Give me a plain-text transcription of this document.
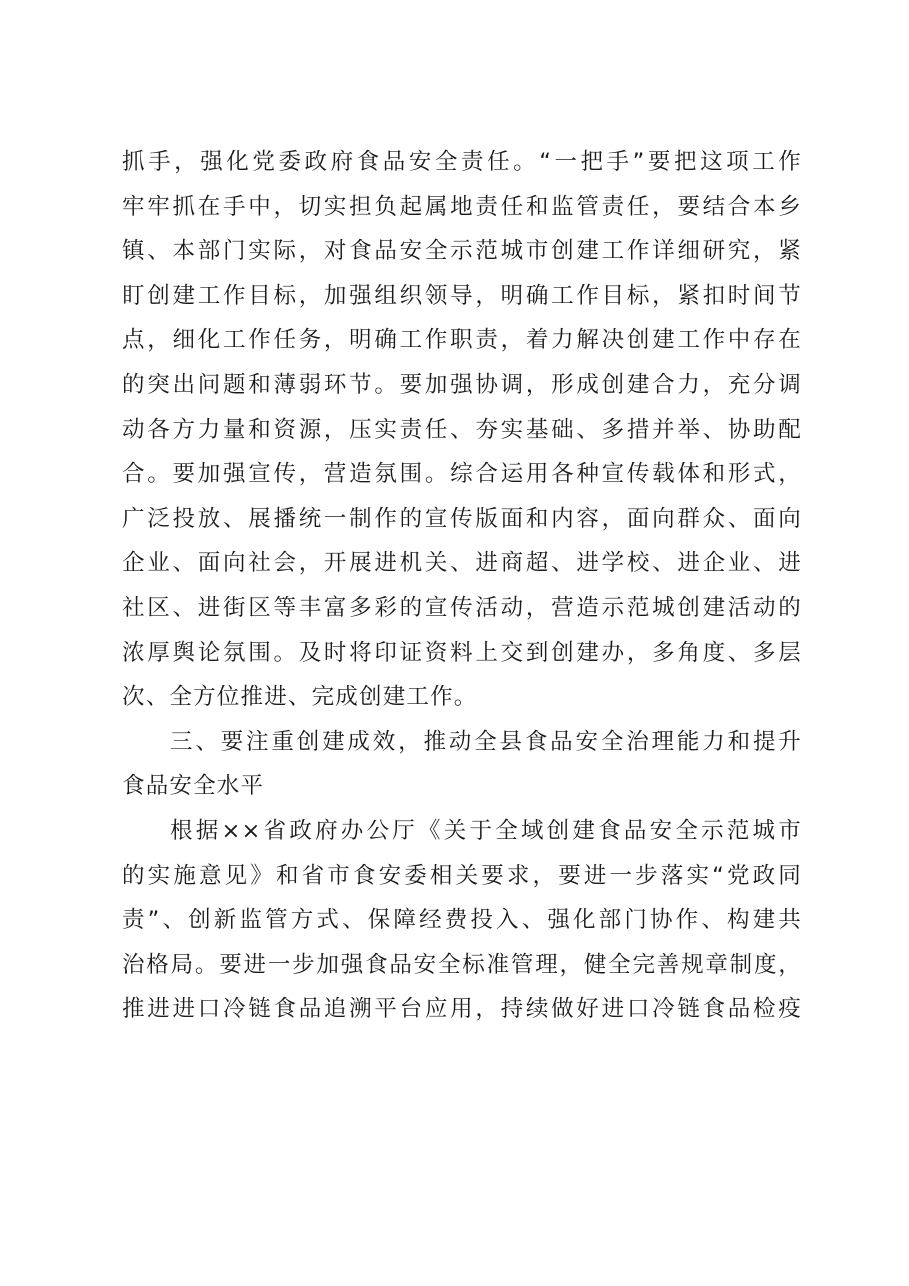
抓手，强化党委政府食品安全责任。“一把手”要把这项工作
牢牢抓在手中，切实担负起属地责任和监管责任，要结合本乡
镇、本部门实际，对食品安全示范城市创建工作详细研究，紧
盯创建工作目标，加强组织领导，明确工作目标，紧扣时间节
点，细化工作任务，明确工作职责，着力解决创建工作中存在
的突出问题和薄弱环节。要加强协调，形成创建合力，充分调
动各方力量和资源，压实责任、夯实基础、多措并举、协助配
合。要加强宣传，营造氛围。综合运用各种宣传载体和形式，
广泛投放、展播统一制作的宣传版面和内容，面向群众、面向
企业、面向社会，开展进机关、进商超、进学校、进企业、进
社区、进街区等丰富多彩的宣传活动，营造示范城创建活动的
浓厚舆论氛围。及时将印证资料上交到创建办，多角度、多层
次、全方位推进、完成创建工作。
三、要注重创建成效，推动全县食品安全治理能力和提升
食品安全水平
根据××省政府办公厅《关于全域创建食品安全示范城市
的实施意见》和省市食安委相关要求，要进一步落实“党政同
责”、创新监管方式、保障经费投入、强化部门协作、构建共
治格局。要进一步加强食品安全标准管理，健全完善规章制度，
推进进口冷链食品追溯平台应用，持续做好进口冷链食品检疫
